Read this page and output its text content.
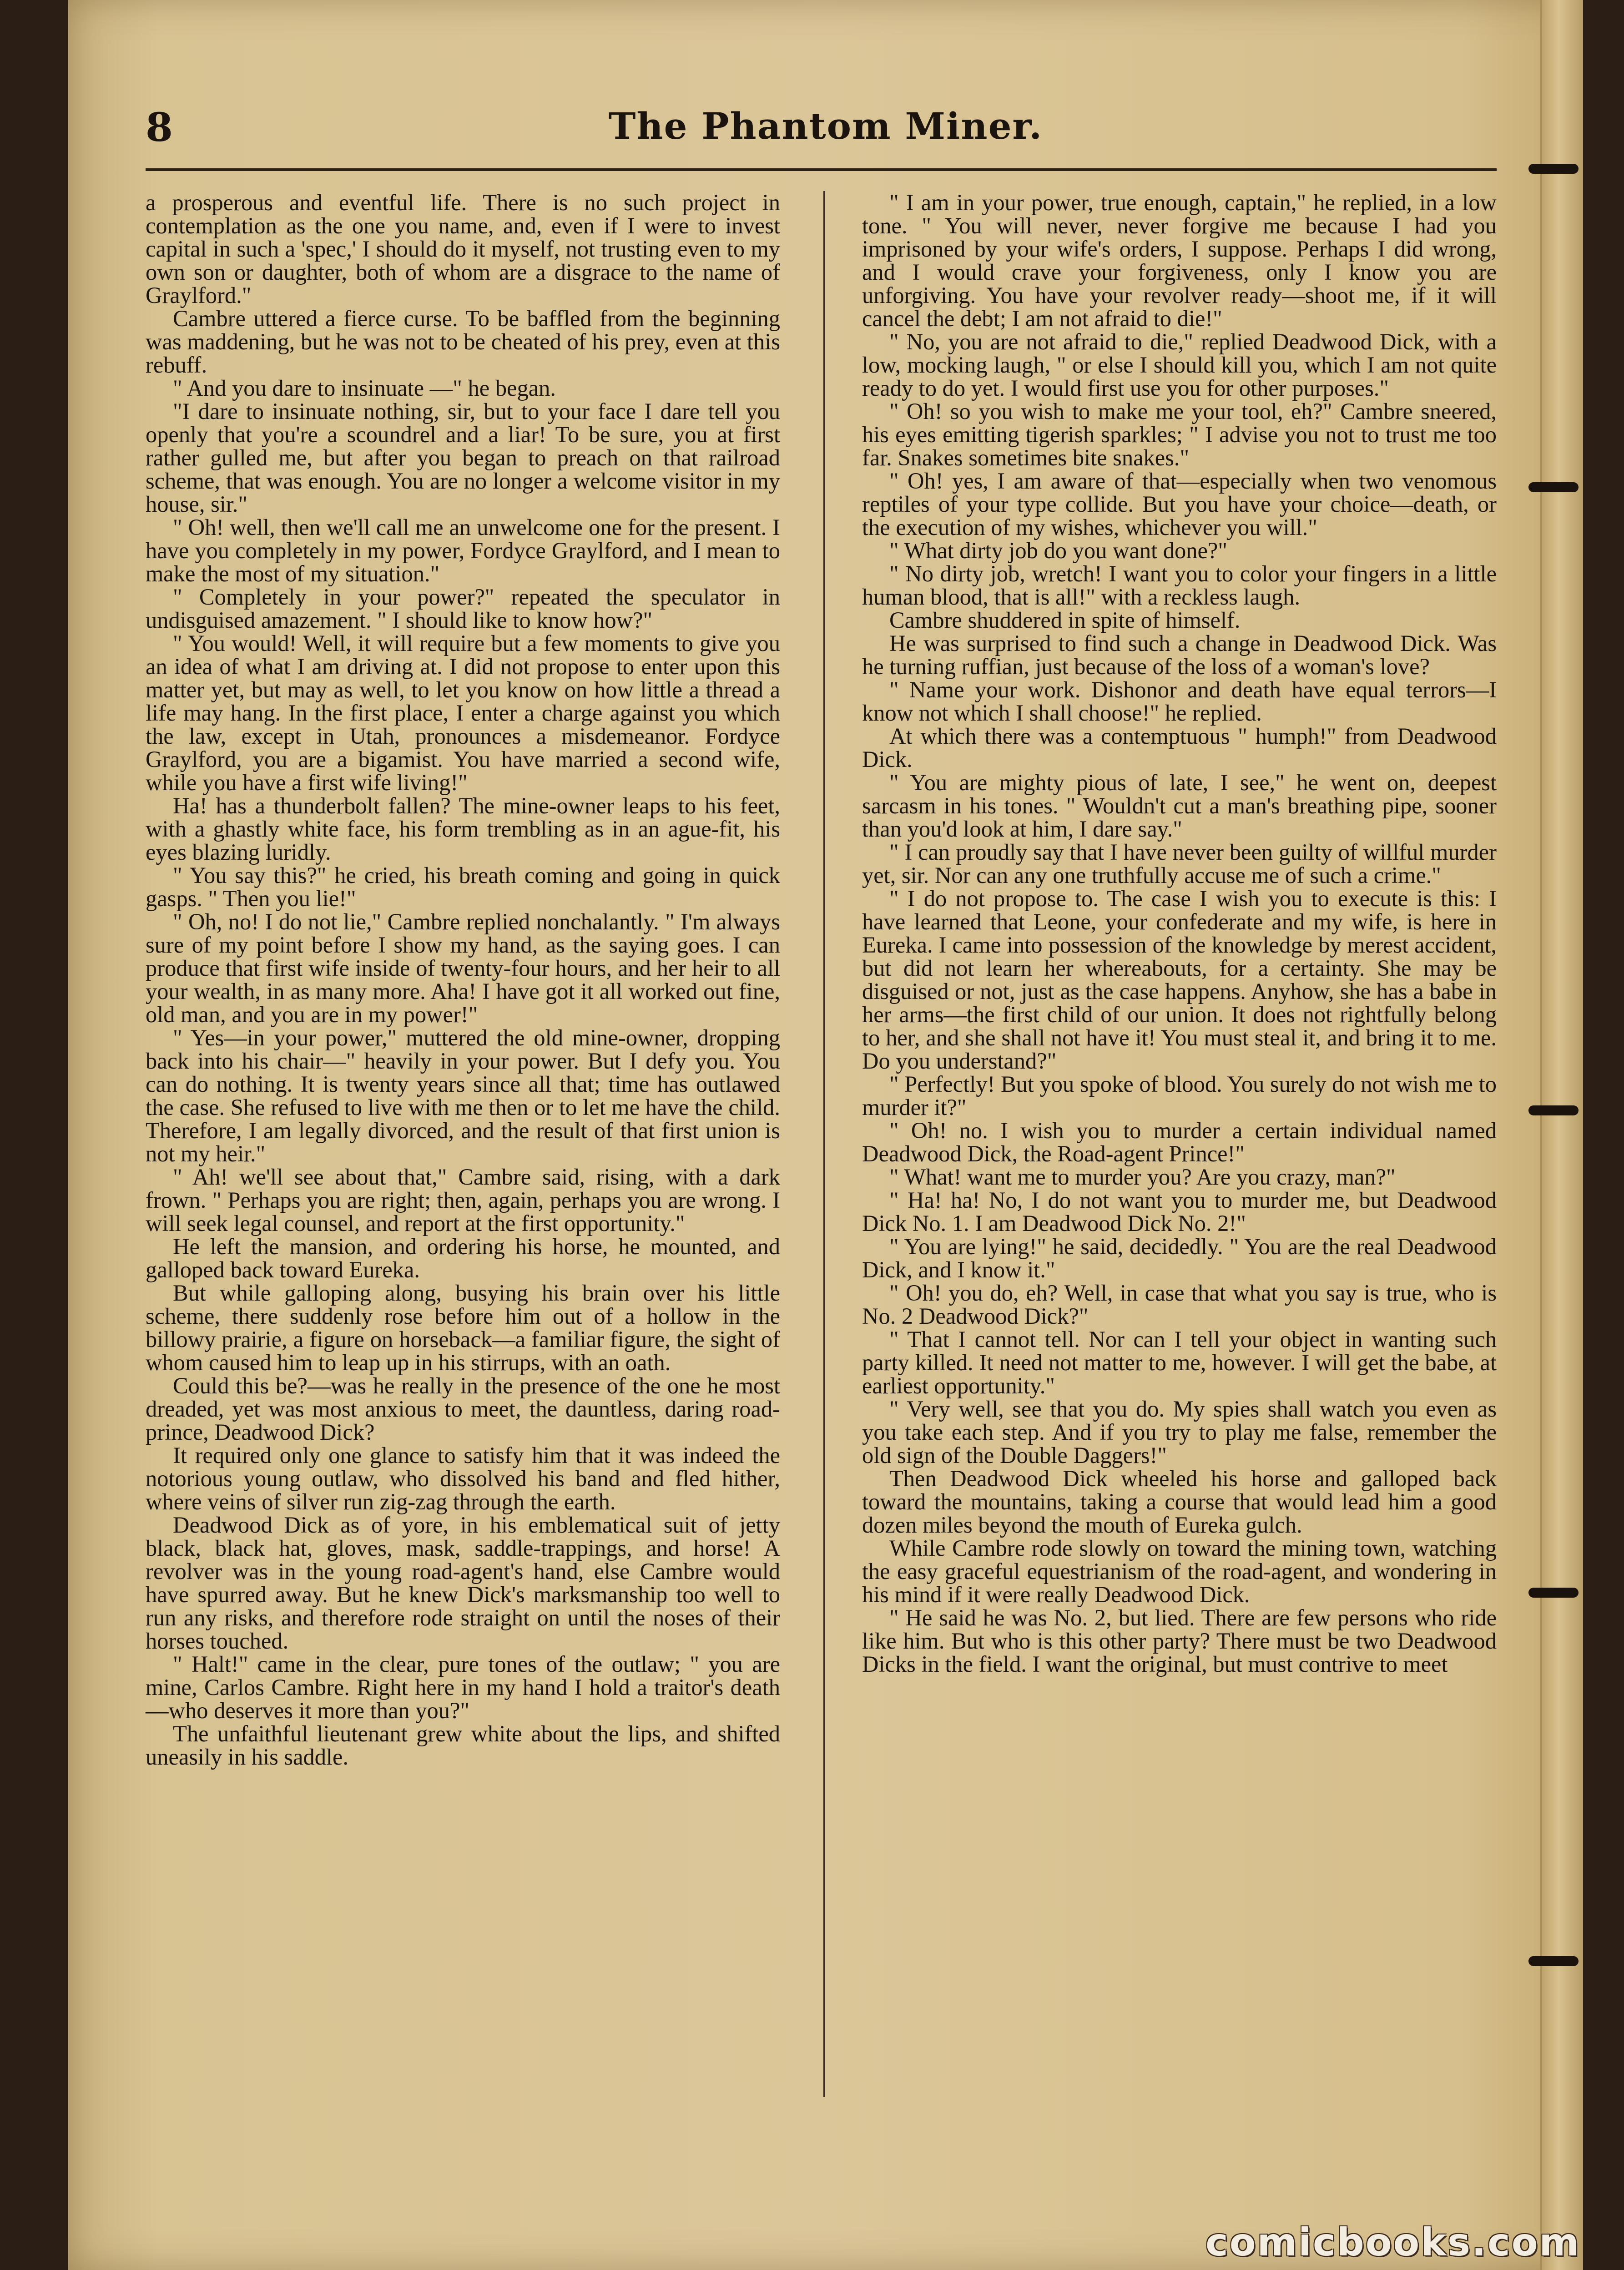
The Phantom Miner.
8

a prosperous and eventful life. There is no such project in contemplation as the one you name, and, even if I were to invest capital in such a 'spec,' I should do it myself, not trusting even to my own son or daughter, both of whom are a disgrace to the name of Graylford."

Cambre uttered a fierce curse. To be baffled from the beginning was maddening, but he was not to be cheated of his prey, even at this rebuff.

" And you dare to insinuate —" he began.

"I dare to insinuate nothing, sir, but to your face I dare tell you openly that you're a scoundrel and a liar! To be sure, you at first rather gulled me, but after you began to preach on that railroad scheme, that was enough. You are no longer a welcome visitor in my house, sir."

" Oh! well, then we'll call me an unwelcome one for the present. I have you completely in my power, Fordyce Graylford, and I mean to make the most of my situation."

" Completely in your power?" repeated the speculator in undisguised amazement. " I should like to know how?"

" You would! Well, it will require but a few moments to give you an idea of what I am driving at. I did not propose to enter upon this matter yet, but may as well, to let you know on how little a thread a life may hang. In the first place, I enter a charge against you which the law, except in Utah, pronounces a misdemeanor. Fordyce Graylford, you are a bigamist. You have married a second wife, while you have a first wife living!"

Ha! has a thunderbolt fallen? The mine-owner leaps to his feet, with a ghastly white face, his form trembling as in an ague-fit, his eyes blazing luridly.

" You say this?" he cried, his breath coming and going in quick gasps. " Then you lie!"

" Oh, no! I do not lie," Cambre replied nonchalantly. " I'm always sure of my point before I show my hand, as the saying goes. I can produce that first wife inside of twenty-four hours, and her heir to all your wealth, in as many more. Aha! I have got it all worked out fine, old man, and you are in my power!"

" Yes—in your power," muttered the old mine-owner, dropping back into his chair—" heavily in your power. But I defy you. You can do nothing. It is twenty years since all that; time has outlawed the case. She refused to live with me then or to let me have the child. Therefore, I am legally divorced, and the result of that first union is not my heir."

" Ah! we'll see about that," Cambre said, rising, with a dark frown. " Perhaps you are right; then, again, perhaps you are wrong. I will seek legal counsel, and report at the first opportunity."

He left the mansion, and ordering his horse, he mounted, and galloped back toward Eureka.

But while galloping along, busying his brain over his little scheme, there suddenly rose before him out of a hollow in the billowy prairie, a figure on horseback—a familiar figure, the sight of whom caused him to leap up in his stirrups, with an oath.

Could this be?—was he really in the presence of the one he most dreaded, yet was most anxious to meet, the dauntless, daring road-prince, Deadwood Dick?

It required only one glance to satisfy him that it was indeed the notorious young outlaw, who dissolved his band and fled hither, where veins of silver run zig-zag through the earth.

Deadwood Dick as of yore, in his emblematical suit of jetty black, black hat, gloves, mask, saddle-trappings, and horse! A revolver was in the young road-agent's hand, else Cambre would have spurred away. But he knew Dick's marksmanship too well to run any risks, and therefore rode straight on until the noses of their horses touched.

" Halt!" came in the clear, pure tones of the outlaw; " you are mine, Carlos Cambre. Right here in my hand I hold a traitor's death—who deserves it more than you?"

The unfaithful lieutenant grew white about the lips, and shifted uneasily in his saddle.

" I am in your power, true enough, captain," he replied, in a low tone. " You will never, never forgive me because I had you imprisoned by your wife's orders, I suppose. Perhaps I did wrong, and I would crave your forgiveness, only I know you are unforgiving. You have your revolver ready—shoot me, if it will cancel the debt; I am not afraid to die!"

" No, you are not afraid to die," replied Deadwood Dick, with a low, mocking laugh, " or else I should kill you, which I am not quite ready to do yet. I would first use you for other purposes."

" Oh! so you wish to make me your tool, eh?" Cambre sneered, his eyes emitting tigerish sparkles; " I advise you not to trust me too far. Snakes sometimes bite snakes."

" Oh! yes, I am aware of that—especially when two venomous reptiles of your type collide. But you have your choice—death, or the execution of my wishes, whichever you will."

" What dirty job do you want done?"

" No dirty job, wretch! I want you to color your fingers in a little human blood, that is all!" with a reckless laugh.

Cambre shuddered in spite of himself.

He was surprised to find such a change in Deadwood Dick. Was he turning ruffian, just because of the loss of a woman's love?

" Name your work. Dishonor and death have equal terrors—I know not which I shall choose!" he replied.

At which there was a contemptuous " humph!" from Deadwood Dick.

" You are mighty pious of late, I see," he went on, deepest sarcasm in his tones. " Wouldn't cut a man's breathing pipe, sooner than you'd look at him, I dare say."

" I can proudly say that I have never been guilty of willful murder yet, sir. Nor can any one truthfully accuse me of such a crime."

" I do not propose to. The case I wish you to execute is this: I have learned that Leone, your confederate and my wife, is here in Eureka. I came into possession of the knowledge by merest accident, but did not learn her whereabouts, for a certainty. She may be disguised or not, just as the case happens. Anyhow, she has a babe in her arms—the first child of our union. It does not rightfully belong to her, and she shall not have it! You must steal it, and bring it to me. Do you understand?"

" Perfectly! But you spoke of blood. You surely do not wish me to murder it?"

" Oh! no. I wish you to murder a certain individual named Deadwood Dick, the Road-agent Prince!"

" What! want me to murder you? Are you crazy, man?"

" Ha! ha! No, I do not want you to murder me, but Deadwood Dick No. 1. I am Deadwood Dick No. 2!"

" You are lying!" he said, decidedly. " You are the real Deadwood Dick, and I know it."

" Oh! you do, eh? Well, in case that what you say is true, who is No. 2 Deadwood Dick?"

" That I cannot tell. Nor can I tell your object in wanting such party killed. It need not matter to me, however. I will get the babe, at earliest opportunity."

" Very well, see that you do. My spies shall watch you even as you take each step. And if you try to play me false, remember the old sign of the Double Daggers!"

Then Deadwood Dick wheeled his horse and galloped back toward the mountains, taking a course that would lead him a good dozen miles beyond the mouth of Eureka gulch.

While Cambre rode slowly on toward the mining town, watching the easy graceful equestrianism of the road-agent, and wondering in his mind if it were really Deadwood Dick.

" He said he was No. 2, but lied. There are few persons who ride like him. But who is this other party? There must be two Deadwood Dicks in the field. I want the original, but must contrive to meet

comicbooks.com
